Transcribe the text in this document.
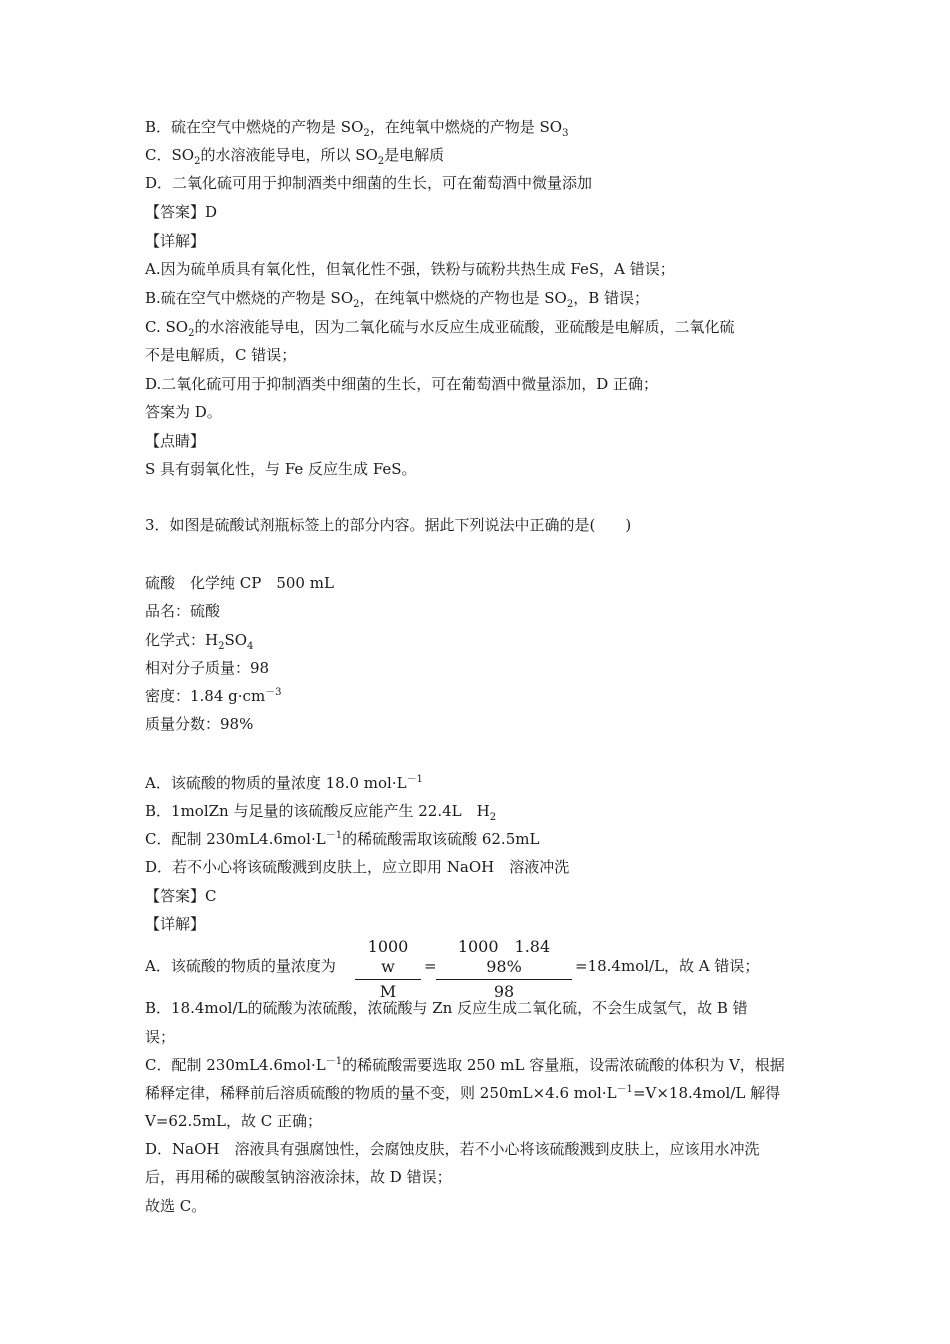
B．硫在空气中燃烧的产物是 $SO_2$，在纯氧中燃烧的产物是 $SO_3$
C．$SO_2$的水溶液能导电，所以 $SO_2$是电解质
D．二氧化硫可用于抑制酒类中细菌的生长，可在葡萄酒中微量添加
【答案】D
【详解】
A.因为硫单质具有氧化性，但氧化性不强，铁粉与硫粉共热生成 FeS，A 错误；
B.硫在空气中燃烧的产物是 $SO_2$，在纯氧中燃烧的产物也是 $SO_2$，B 错误；
C. $SO_2$的水溶液能导电，因为二氧化硫与水反应生成亚硫酸，亚硫酸是电解质，二氧化硫
不是电解质，C 错误；
D.二氧化硫可用于抑制酒类中细菌的生长，可在葡萄酒中微量添加，D 正确；
答案为 D。
【点睛】
S 具有弱氧化性，与 Fe 反应生成 FeS。
3．如图是硫酸试剂瓶标签上的部分内容。据此下列说法中正确的是(　　)
硫酸　化学纯 CP　500 mL
品名：硫酸
化学式：$H_2SO_4$
相对分子质量：98
密度：1.84 $g\cdot cm^{-3}$
质量分数：98%
A．该硫酸的物质的量浓度 18.0 $mol\cdot L^{-1}$
B．1molZn 与足量的该硫酸反应能产生 22.4L　$H_2$
C．配制 $230mL4.6mol\cdot L^{-1}$的稀硫酸需取该硫酸 62.5mL
D．若不小心将该硫酸溅到皮肤上，应立即用 NaOH　溶液冲洗
【答案】C
【详解】
A．该硫酸的物质的量浓度为
1000　w
M
=
1000　1.84　98%
98
=18.4mol/L，故 A 错误；
B．18.4mol/L的硫酸为浓硫酸，浓硫酸与 Zn 反应生成二氧化硫，不会生成氢气，故 B 错
误；
C．配制 $230mL4.6mol\cdot L^{-1}$的稀硫酸需要选取 250 mL 容量瓶，设需浓硫酸的体积为 V，根据
稀释定律，稀释前后溶质硫酸的物质的量不变，则 250mL×4.6 $mol\cdot L^{-1}=V\times 18.4mol/L$ 解得
V=62.5mL，故 C 正确；
D．NaOH　溶液具有强腐蚀性，会腐蚀皮肤，若不小心将该硫酸溅到皮肤上，应该用水冲洗
后，再用稀的碳酸氢钠溶液涂抹，故 D 错误；
故选 C。
